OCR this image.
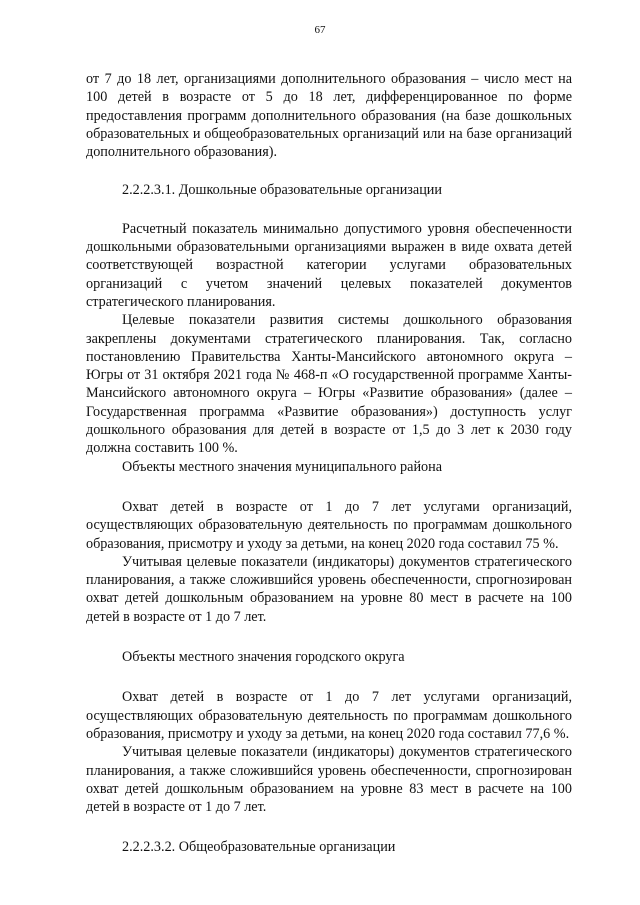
67

от 7 до 18 лет, организациями дополнительного образования – число мест на 100 детей в возрасте от 5 до 18 лет, дифференцированное по форме предоставления программ дополнительного образования (на базе дошкольных образовательных и общеобразовательных организаций или на базе организаций дополнительного образования).

2.2.2.3.1. Дошкольные образовательные организации

Расчетный показатель минимально допустимого уровня обеспеченности дошкольными образовательными организациями выражен в виде охвата детей соответствующей возрастной категории услугами образовательных организаций с учетом значений целевых показателей документов стратегического планирования.

Целевые показатели развития системы дошкольного образования закреплены документами стратегического планирования. Так, согласно постановлению Правительства Ханты-Мансийского автономного округа – Югры от 31 октября 2021 года № 468-п «О государственной программе Ханты-Мансийского автономного округа – Югры «Развитие образования» (далее – Государственная программа «Развитие образования») доступность услуг дошкольного образования для детей в возрасте от 1,5 до 3 лет к 2030 году должна составить 100 %.

Объекты местного значения муниципального района

Охват детей в возрасте от 1 до 7 лет услугами организаций, осуществляющих образовательную деятельность по программам дошкольного образования, присмотру и уходу за детьми, на конец 2020 года составил 75 %.

Учитывая целевые показатели (индикаторы) документов стратегического планирования, а также сложившийся уровень обеспеченности, спрогнозирован охват детей дошкольным образованием на уровне 80 мест в расчете на 100 детей в возрасте от 1 до 7 лет.

Объекты местного значения городского округа

Охват детей в возрасте от 1 до 7 лет услугами организаций, осуществляющих образовательную деятельность по программам дошкольного образования, присмотру и уходу за детьми, на конец 2020 года составил 77,6 %.

Учитывая целевые показатели (индикаторы) документов стратегического планирования, а также сложившийся уровень обеспеченности, спрогнозирован охват детей дошкольным образованием на уровне 83 мест в расчете на 100 детей в возрасте от 1 до 7 лет.

2.2.2.3.2. Общеобразовательные организации
